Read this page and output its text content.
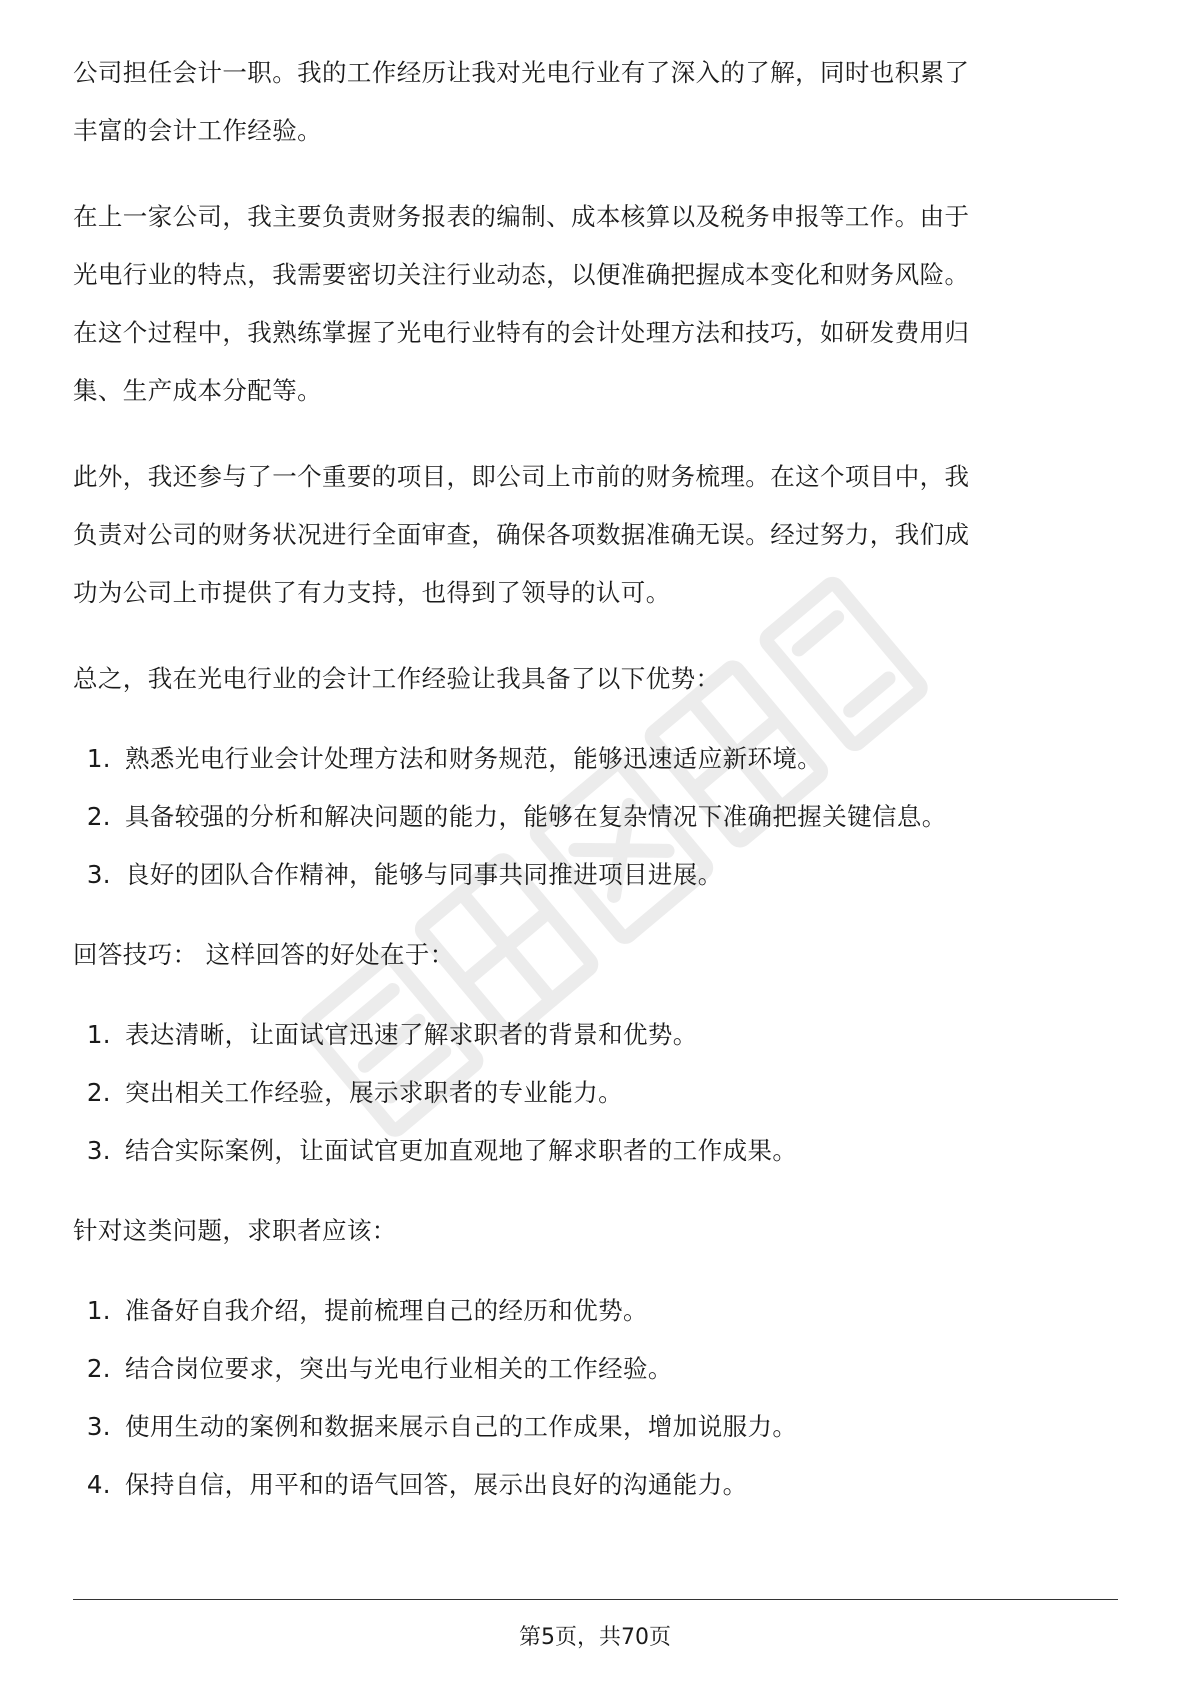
公司担任会计一职。我的工作经历让我对光电行业有了深入的了解，同时也积累了

丰富的会计工作经验。

在上一家公司，我主要负责财务报表的编制、成本核算以及税务申报等工作。由于

光电行业的特点，我需要密切关注行业动态，以便准确把握成本变化和财务风险。

在这个过程中，我熟练掌握了光电行业特有的会计处理方法和技巧，如研发费用归

集、生产成本分配等。

此外，我还参与了一个重要的项目，即公司上市前的财务梳理。在这个项目中，我

负责对公司的财务状况进行全面审查，确保各项数据准确无误。经过努力，我们成

功为公司上市提供了有力支持，也得到了领导的认可。

总之，我在光电行业的会计工作经验让我具备了以下优势：

1. 熟悉光电行业会计处理方法和财务规范，能够迅速适应新环境。
2. 具备较强的分析和解决问题的能力，能够在复杂情况下准确把握关键信息。
3. 良好的团队合作精神，能够与同事共同推进项目进展。

回答技巧： 这样回答的好处在于：

1. 表达清晰，让面试官迅速了解求职者的背景和优势。
2. 突出相关工作经验，展示求职者的专业能力。
3. 结合实际案例，让面试官更加直观地了解求职者的工作成果。

针对这类问题，求职者应该：

1. 准备好自我介绍，提前梳理自己的经历和优势。
2. 结合岗位要求，突出与光电行业相关的工作经验。
3. 使用生动的案例和数据来展示自己的工作成果，增加说服力。
4. 保持自信，用平和的语气回答，展示出良好的沟通能力。
第5页，共70页
